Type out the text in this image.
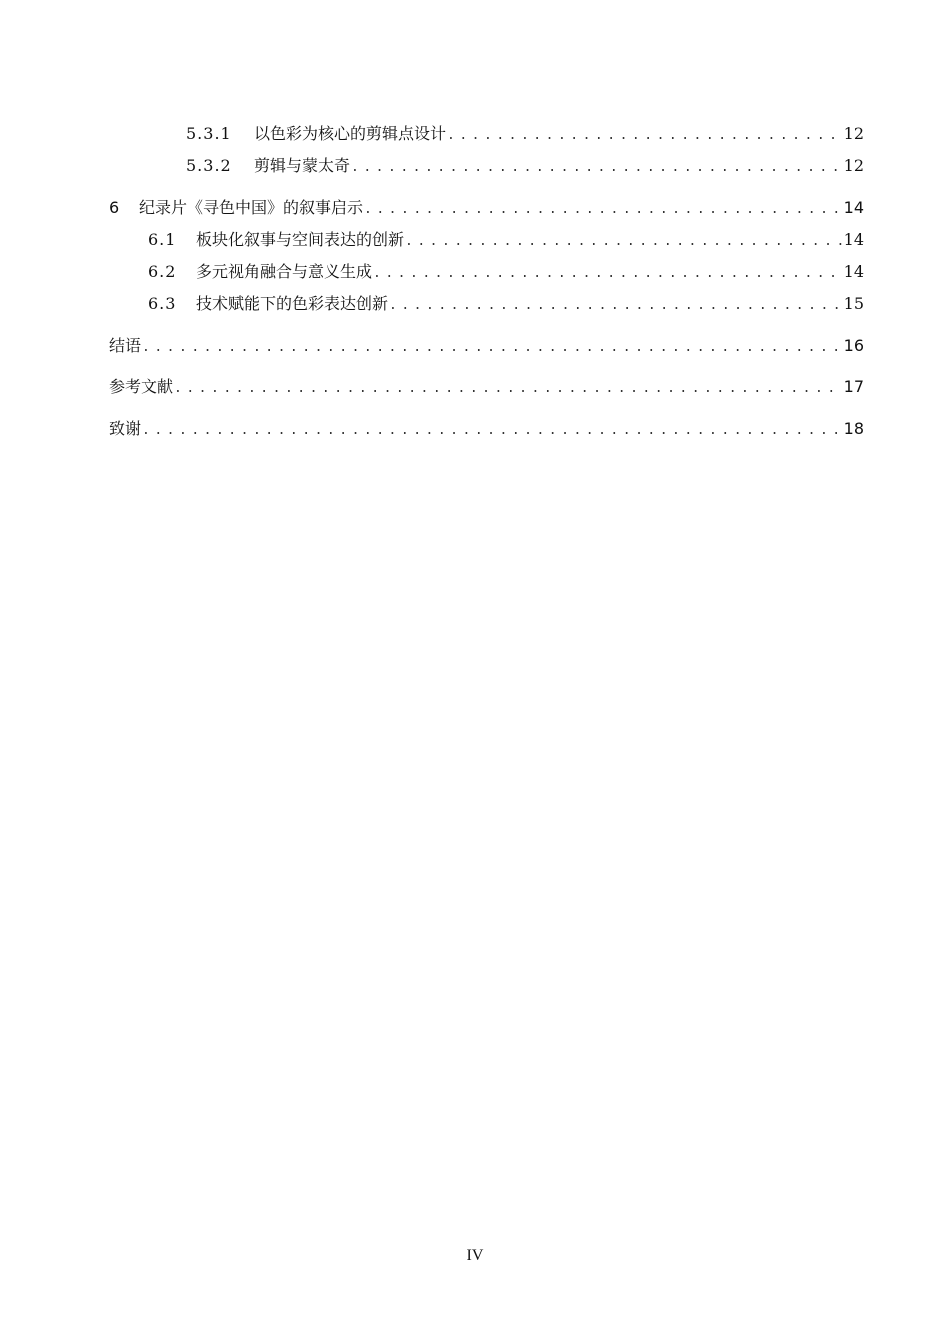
5.3.1	以色彩为核心的剪辑点设计 .....	12
5.3.2	剪辑与蒙太奇 .....	12
6	纪录片《寻色中国》的叙事启示 .....	14
6.1	板块化叙事与空间表达的创新 .....	14
6.2	多元视角融合与意义生成 .....	14
6.3	技术赋能下的色彩表达创新 .....	15
结语 .....	16
参考文献 .....	17
致谢 .....	18
IV
